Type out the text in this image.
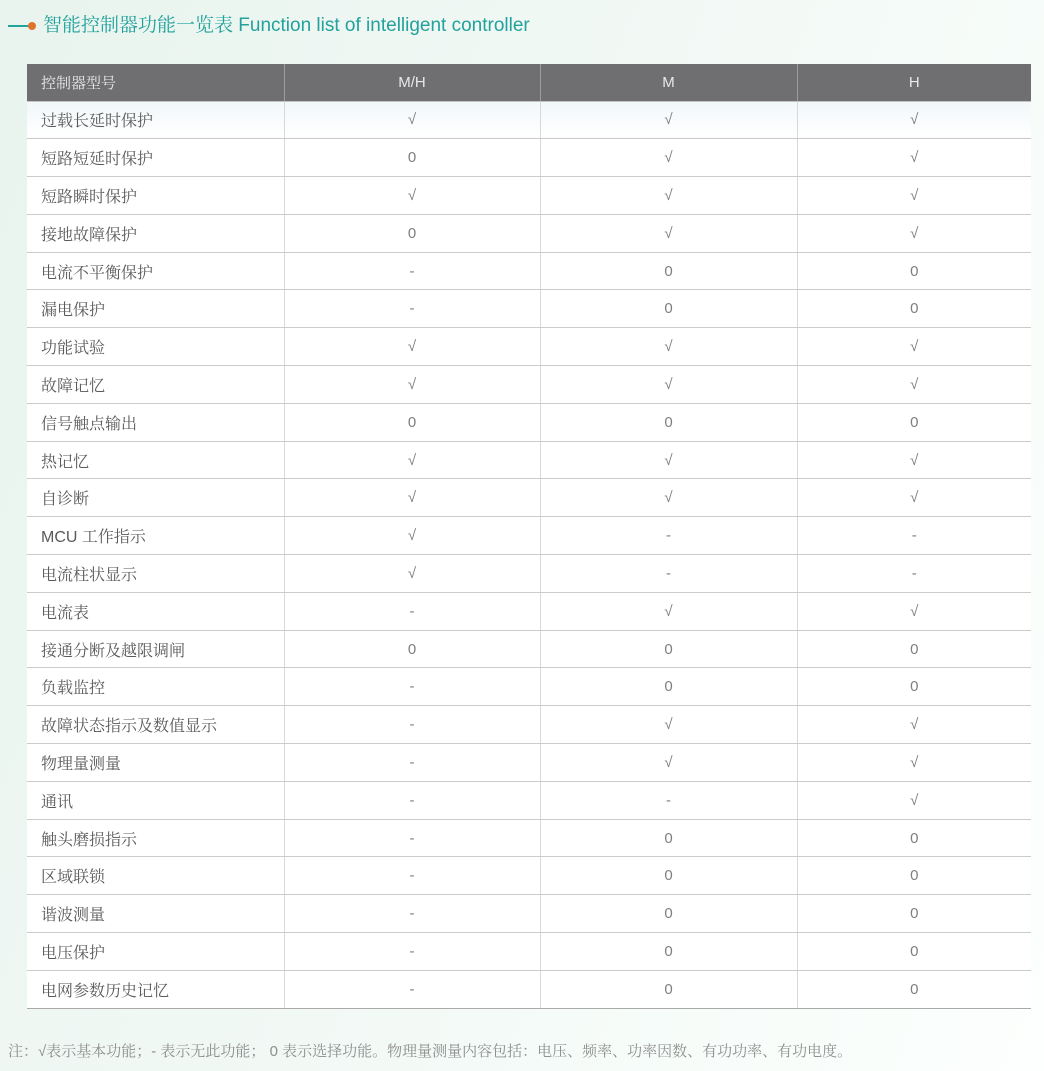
智能控制器功能一览表 Function list of intelligent controller
控制器型号	M/H	M	H
过载长延时保护	√	√	√
短路短延时保护	0	√	√
短路瞬时保护	√	√	√
接地故障保护	0	√	√
电流不平衡保护	-	0	0
漏电保护	-	0	0
功能试验	√	√	√
故障记忆	√	√	√
信号触点输出	0	0	0
热记忆	√	√	√
自诊断	√	√	√
MCU 工作指示	√	-	-
电流柱状显示	√	-	-
电流表	-	√	√
接通分断及越限调闸	0	0	0
负载监控	-	0	0
故障状态指示及数值显示	-	√	√
物理量测量	-	√	√
通讯	-	-	√
触头磨损指示	-	0	0
区域联锁	-	0	0
谐波测量	-	0	0
电压保护	-	0	0
电网参数历史记忆	-	0	0
注：√表示基本功能；- 表示无此功能； 0 表示选择功能。物理量测量内容包括：电压、频率、功率因数、有功功率、有功电度。
